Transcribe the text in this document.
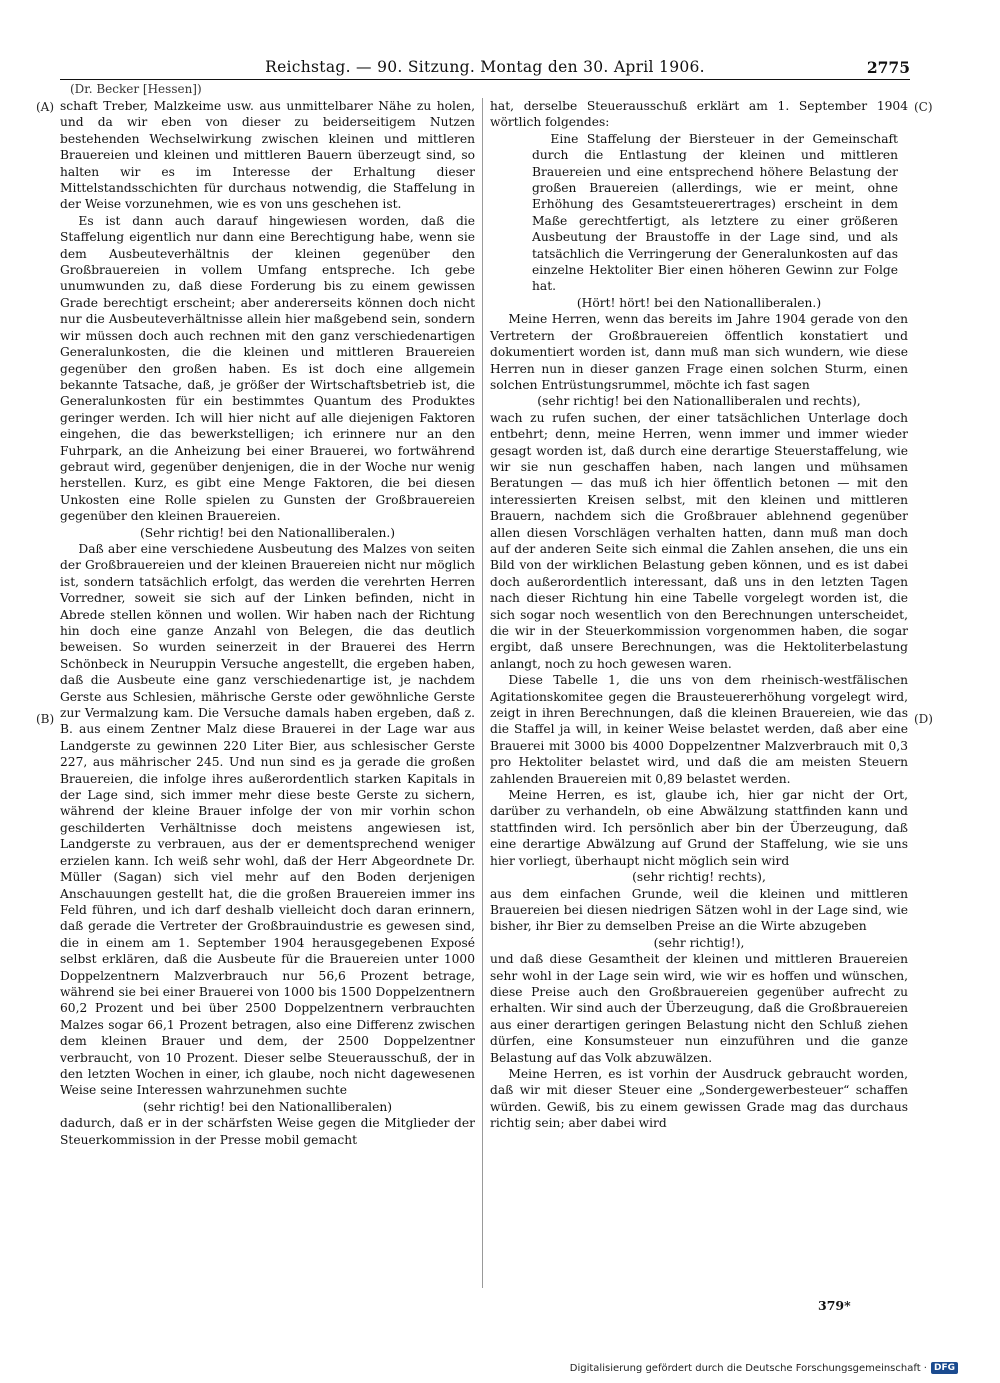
Reichstag. — 90. Sitzung. Montag den 30. April 1906.	2775
(Dr. Becker [Hessen])
(A)
(B)
(C)
(D)

schaft Treber, Malzkeime usw. aus unmittelbarer Nähe zu holen, und da wir eben von dieser zu beiderseitigem Nutzen bestehenden Wechselwirkung zwischen kleinen und mittleren Brauereien und kleinen und mittleren Bauern überzeugt sind, so halten wir es im Interesse der Erhaltung dieser Mittelstandsschichten für durchaus notwendig, die Staffelung in der Weise vorzunehmen, wie es von uns geschehen ist.

Es ist dann auch darauf hingewiesen worden, daß die Staffelung eigentlich nur dann eine Berechtigung habe, wenn sie dem Ausbeuteverhältnis der kleinen gegenüber den Großbrauereien in vollem Umfang entspreche. Ich gebe unumwunden zu, daß diese Forderung bis zu einem gewissen Grade berechtigt erscheint; aber andererseits können doch nicht nur die Ausbeuteverhältnisse allein hier maßgebend sein, sondern wir müssen doch auch rechnen mit den ganz verschiedenartigen Generalunkosten, die die kleinen und mittleren Brauereien gegenüber den großen haben. Es ist doch eine allgemein bekannte Tatsache, daß, je größer der Wirtschaftsbetrieb ist, die Generalunkosten für ein bestimmtes Quantum des Produktes geringer werden. Ich will hier nicht auf alle diejenigen Faktoren eingehen, die das bewerkstelligen; ich erinnere nur an den Fuhrpark, an die Anheizung bei einer Brauerei, wo fortwährend gebraut wird, gegenüber denjenigen, die in der Woche nur wenig herstellen. Kurz, es gibt eine Menge Faktoren, die bei diesen Unkosten eine Rolle spielen zu Gunsten der Großbrauereien gegenüber den kleinen Brauereien.

(Sehr richtig! bei den Nationalliberalen.)

Daß aber eine verschiedene Ausbeutung des Malzes von seiten der Großbrauereien und der kleinen Brauereien nicht nur möglich ist, sondern tatsächlich erfolgt, das werden die verehrten Herren Vorredner, soweit sie sich auf der Linken befinden, nicht in Abrede stellen können und wollen. Wir haben nach der Richtung hin doch eine ganze Anzahl von Belegen, die das deutlich beweisen. So wurden seinerzeit in der Brauerei des Herrn Schönbeck in Neuruppin Versuche angestellt, die ergeben haben, daß die Ausbeute eine ganz verschiedenartige ist, je nachdem Gerste aus Schlesien, mährische Gerste oder gewöhnliche Gerste zur Vermalzung kam. Die Versuche damals haben ergeben, daß z. B. aus einem Zentner Malz diese Brauerei in der Lage war aus Landgerste zu gewinnen 220 Liter Bier, aus schlesischer Gerste 227, aus mährischer 245. Und nun sind es ja gerade die großen Brauereien, die infolge ihres außerordentlich starken Kapitals in der Lage sind, sich immer mehr diese beste Gerste zu sichern, während der kleine Brauer infolge der von mir vorhin schon geschilderten Verhältnisse doch meistens angewiesen ist, Landgerste zu verbrauen, aus der er dementsprechend weniger erzielen kann. Ich weiß sehr wohl, daß der Herr Abgeordnete Dr. Müller (Sagan) sich viel mehr auf den Boden derjenigen Anschauungen gestellt hat, die die großen Brauereien immer ins Feld führen, und ich darf deshalb vielleicht doch daran erinnern, daß gerade die Vertreter der Großbrauindustrie es gewesen sind, die in einem am 1. September 1904 herausgegebenen Exposé selbst erklären, daß die Ausbeute für die Brauereien unter 1000 Doppelzentnern Malzverbrauch nur 56,6 Prozent betrage, während sie bei einer Brauerei von 1000 bis 1500 Doppelzentnern 60,2 Prozent und bei über 2500 Doppelzentnern verbrauchten Malzes sogar 66,1 Prozent betragen, also eine Differenz zwischen dem kleinen Brauer und dem, der 2500 Doppelzentner verbraucht, von 10 Prozent. Dieser selbe Steuerausschuß, der in den letzten Wochen in einer, ich glaube, noch nicht dagewesenen Weise seine Interessen wahrzunehmen suchte

(sehr richtig! bei den Nationalliberalen)

dadurch, daß er in der schärfsten Weise gegen die Mitglieder der Steuerkommission in der Presse mobil gemacht

hat, derselbe Steuerausschuß erklärt am 1. September 1904 wörtlich folgendes:

Eine Staffelung der Biersteuer in der Gemeinschaft durch die Entlastung der kleinen und mittleren Brauereien und eine entsprechend höhere Belastung der großen Brauereien (allerdings, wie er meint, ohne Erhöhung des Gesamtsteuerertrages) erscheint in dem Maße gerechtfertigt, als letztere zu einer größeren Ausbeutung der Braustoffe in der Lage sind, und als tatsächlich die Verringerung der Generalunkosten auf das einzelne Hektoliter Bier einen höheren Gewinn zur Folge hat.

(Hört! hört! bei den Nationalliberalen.)

Meine Herren, wenn das bereits im Jahre 1904 gerade von den Vertretern der Großbrauereien öffentlich konstatiert und dokumentiert worden ist, dann muß man sich wundern, wie diese Herren nun in dieser ganzen Frage einen solchen Sturm, einen solchen Entrüstungsrummel, möchte ich fast sagen

(sehr richtig! bei den Nationalliberalen und rechts),

wach zu rufen suchen, der einer tatsächlichen Unterlage doch entbehrt; denn, meine Herren, wenn immer und immer wieder gesagt worden ist, daß durch eine derartige Steuerstaffelung, wie wir sie nun geschaffen haben, nach langen und mühsamen Beratungen — das muß ich hier öffentlich betonen — mit den interessierten Kreisen selbst, mit den kleinen und mittleren Brauern, nachdem sich die Großbrauer ablehnend gegenüber allen diesen Vorschlägen verhalten hatten, dann muß man doch auf der anderen Seite sich einmal die Zahlen ansehen, die uns ein Bild von der wirklichen Belastung geben können, und es ist dabei doch außerordentlich interessant, daß uns in den letzten Tagen nach dieser Richtung hin eine Tabelle vorgelegt worden ist, die sich sogar noch wesentlich von den Berechnungen unterscheidet, die wir in der Steuerkommission vorgenommen haben, die sogar ergibt, daß unsere Berechnungen, was die Hektoliterbelastung anlangt, noch zu hoch gewesen waren.

Diese Tabelle 1, die uns von dem rheinisch-westfälischen Agitationskomitee gegen die Brausteuererhöhung vorgelegt wird, zeigt in ihren Berechnungen, daß die kleinen Brauereien, wie das die Staffel ja will, in keiner Weise belastet werden, daß aber eine Brauerei mit 3000 bis 4000 Doppelzentner Malzverbrauch mit 0,3 pro Hektoliter belastet wird, und daß die am meisten Steuern zahlenden Brauereien mit 0,89 belastet werden.

Meine Herren, es ist, glaube ich, hier gar nicht der Ort, darüber zu verhandeln, ob eine Abwälzung stattfinden kann und stattfinden wird. Ich persönlich aber bin der Überzeugung, daß eine derartige Abwälzung auf Grund der Staffelung, wie sie uns hier vorliegt, überhaupt nicht möglich sein wird

(sehr richtig! rechts),

aus dem einfachen Grunde, weil die kleinen und mittleren Brauereien bei diesen niedrigen Sätzen wohl in der Lage sind, wie bisher, ihr Bier zu demselben Preise an die Wirte abzugeben

(sehr richtig!),

und daß diese Gesamtheit der kleinen und mittleren Brauereien sehr wohl in der Lage sein wird, wie wir es hoffen und wünschen, diese Preise auch den Großbrauereien gegenüber aufrecht zu erhalten. Wir sind auch der Überzeugung, daß die Großbrauereien aus einer derartigen geringen Belastung nicht den Schluß ziehen dürfen, eine Konsumsteuer nun einzuführen und die ganze Belastung auf das Volk abzuwälzen.

Meine Herren, es ist vorhin der Ausdruck gebraucht worden, daß wir mit dieser Steuer eine „Sondergewerbesteuer“ schaffen würden. Gewiß, bis zu einem gewissen Grade mag das durchaus richtig sein; aber dabei wird

379*
Digitalisierung gefördert durch die Deutsche Forschungsgemeinschaft · DFG
